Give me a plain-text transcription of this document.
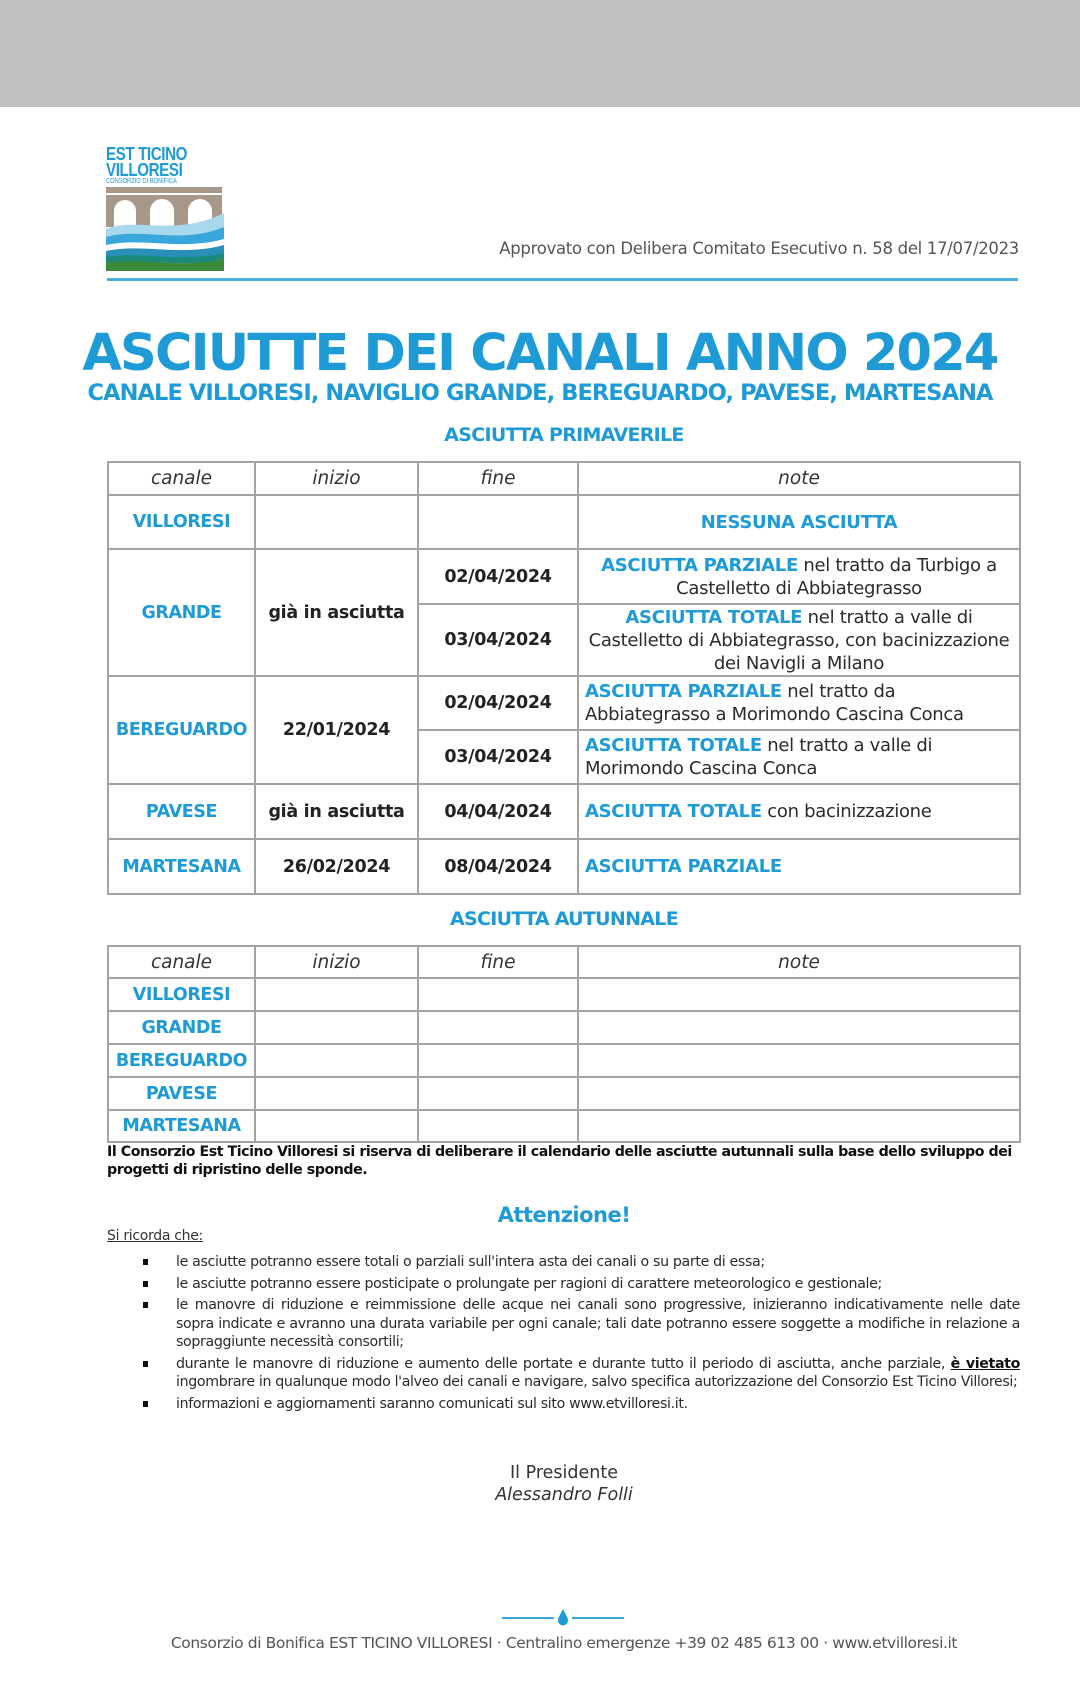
EST TICINO
VILLORESI
CONSORZIO DI BONIFICA
Approvato con Delibera Comitato Esecutivo n. 58 del 17/07/2023
ASCIUTTE DEI CANALI ANNO 2024
CANALE VILLORESI, NAVIGLIO GRANDE, BEREGUARDO, PAVESE, MARTESANA
ASCIUTTA PRIMAVERILE
canale	inizio	fine	note
VILLORESI			NESSUNA ASCIUTTA
GRANDE	già in asciutta	02/04/2024	ASCIUTTA PARZIALE nel tratto da Turbigo a Castelletto di Abbiategrasso
		03/04/2024	ASCIUTTA TOTALE nel tratto a valle di Castelletto di Abbiategrasso, con bacinizzazione dei Navigli a Milano
BEREGUARDO	22/01/2024	02/04/2024	ASCIUTTA PARZIALE nel tratto da Abbiategrasso a Morimondo Cascina Conca
		03/04/2024	ASCIUTTA TOTALE nel tratto a valle di Morimondo Cascina Conca
PAVESE	già in asciutta	04/04/2024	ASCIUTTA TOTALE con bacinizzazione
MARTESANA	26/02/2024	08/04/2024	ASCIUTTA PARZIALE
ASCIUTTA AUTUNNALE
canale	inizio	fine	note
VILLORESI			
GRANDE			
BEREGUARDO			
PAVESE			
MARTESANA			

Il Consorzio Est Ticino Villoresi si riserva di deliberare il calendario delle asciutte autunnali sulla base dello sviluppo dei progetti di ripristino delle sponde.

Attenzione!
Si ricorda che:
le asciutte potranno essere totali o parziali sull'intera asta dei canali o su parte di essa;
le asciutte potranno essere posticipate o prolungate per ragioni di carattere meteorologico e gestionale;
le manovre di riduzione e reimmissione delle acque nei canali sono progressive, inizieranno indicativamente nelle date sopra indicate e avranno una durata variabile per ogni canale; tali date potranno essere soggette a modifiche in relazione a sopraggiunte necessità consortili;
durante le manovre di riduzione e aumento delle portate e durante tutto il periodo di asciutta, anche parziale, è vietato ingombrare in qualunque modo l'alveo dei canali e navigare, salvo specifica autorizzazione del Consorzio Est Ticino Villoresi;
informazioni e aggiornamenti saranno comunicati sul sito www.etvilloresi.it.
Il Presidente
Alessandro Folli
Consorzio di Bonifica EST TICINO VILLORESI · Centralino emergenze +39 02 485 613 00 · www.etvilloresi.it
